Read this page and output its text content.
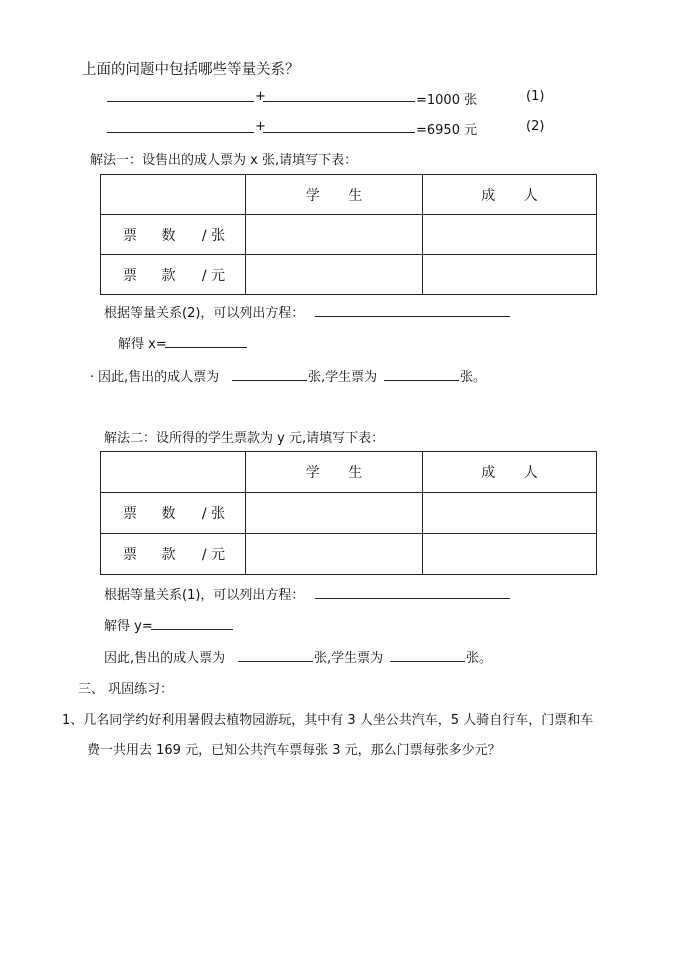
上面的问题中包括哪些等量关系？
+	=1000 张	(1)
+	=6950 元	(2)
解法一：设售出的成人票为 x 张,请填写下表：
	学 生	成 人
票 数 / 张		
票 款 / 元		
根据等量关系(2)，可以列出方程：
解得 x=
. 因此,售出的成人票为	张,学生票为	张。
解法二：设所得的学生票款为 y 元,请填写下表：
	学 生	成 人
票 数 / 张		
票 款 / 元		
根据等量关系(1)，可以列出方程：
解得 y=
因此,售出的成人票为	张,学生票为	张。
三、 巩固练习：
1、几名同学约好利用暑假去植物园游玩，其中有 3 人坐公共汽车，5 人骑自行车，门票和车
费一共用去 169 元，已知公共汽车票每张 3 元，那么门票每张多少元？
